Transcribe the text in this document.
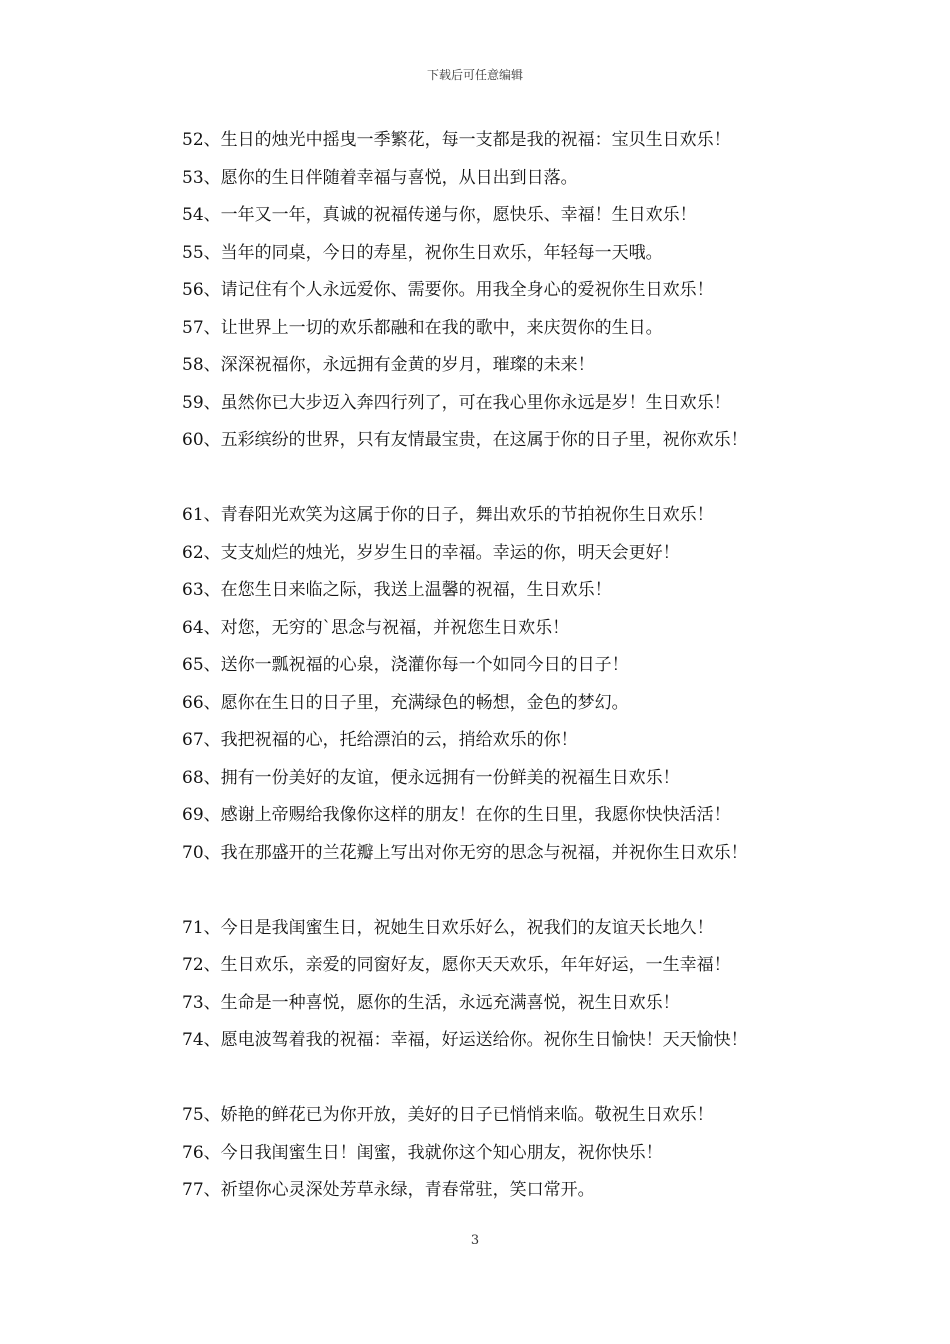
下载后可任意编辑
52、生日的烛光中摇曳一季繁花，每一支都是我的祝福：宝贝生日欢乐！
53、愿你的生日伴随着幸福与喜悦，从日出到日落。
54、一年又一年，真诚的祝福传递与你，愿快乐、幸福！生日欢乐！
55、当年的同桌，今日的寿星，祝你生日欢乐，年轻每一天哦。
56、请记住有个人永远爱你、需要你。用我全身心的爱祝你生日欢乐！
57、让世界上一切的欢乐都融和在我的歌中，来庆贺你的生日。
58、深深祝福你，永远拥有金黄的岁月，璀璨的未来！
59、虽然你已大步迈入奔四行列了，可在我心里你永远是岁！生日欢乐！
60、五彩缤纷的世界，只有友情最宝贵，在这属于你的日子里，祝你欢乐！
61、青春阳光欢笑为这属于你的日子，舞出欢乐的节拍祝你生日欢乐！
62、支支灿烂的烛光，岁岁生日的幸福。幸运的你，明天会更好！
63、在您生日来临之际，我送上温馨的祝福，生日欢乐！
64、对您，无穷的`思念与祝福，并祝您生日欢乐！
65、送你一瓢祝福的心泉，浇灌你每一个如同今日的日子！
66、愿你在生日的日子里，充满绿色的畅想，金色的梦幻。
67、我把祝福的心，托给漂泊的云，捎给欢乐的你！
68、拥有一份美好的友谊，便永远拥有一份鲜美的祝福生日欢乐！
69、感谢上帝赐给我像你这样的朋友！在你的生日里，我愿你快快活活！
70、我在那盛开的兰花瓣上写出对你无穷的思念与祝福，并祝你生日欢乐！
71、今日是我闺蜜生日，祝她生日欢乐好么，祝我们的友谊天长地久！
72、生日欢乐，亲爱的同窗好友，愿你天天欢乐，年年好运，一生幸福！
73、生命是一种喜悦，愿你的生活，永远充满喜悦，祝生日欢乐！
74、愿电波驾着我的祝福：幸福，好运送给你。祝你生日愉快！天天愉快！
75、娇艳的鲜花已为你开放，美好的日子已悄悄来临。敬祝生日欢乐！
76、今日我闺蜜生日！闺蜜，我就你这个知心朋友，祝你快乐！
77、祈望你心灵深处芳草永绿，青春常驻，笑口常开。
3
